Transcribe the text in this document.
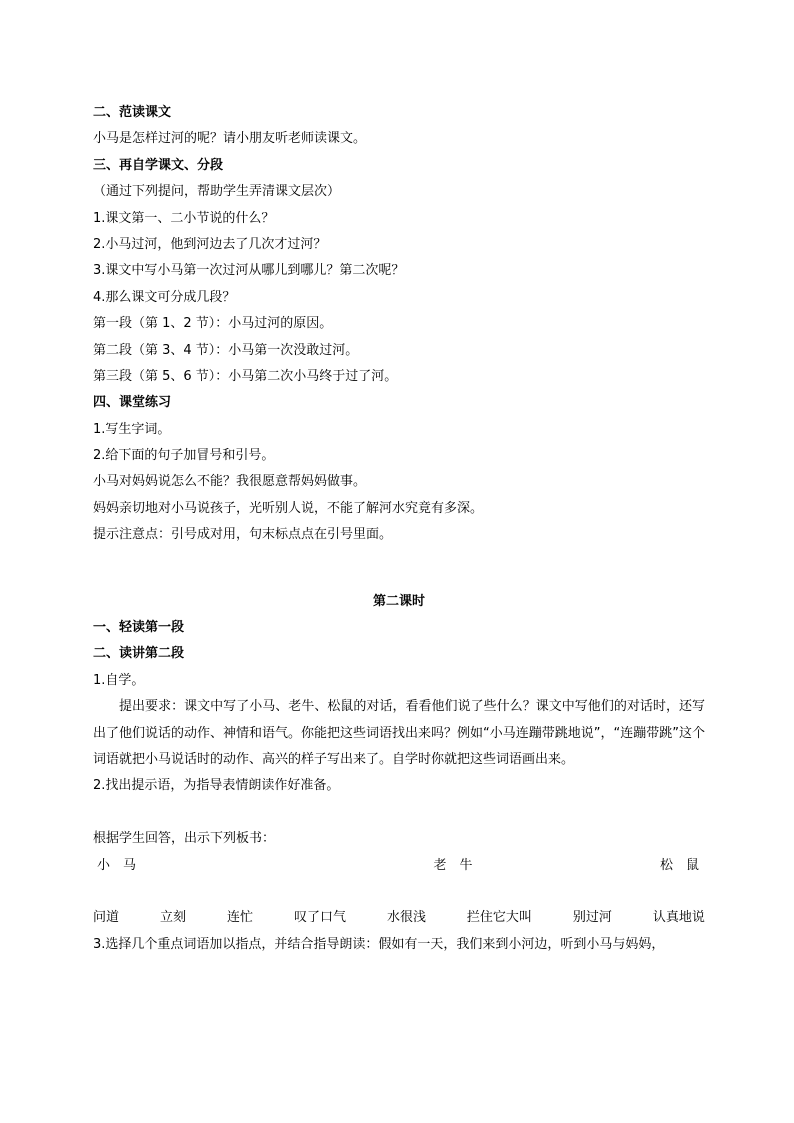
二、范读课文
小马是怎样过河的呢？请小朋友听老师读课文。
三、再自学课文、分段
（通过下列提问，帮助学生弄清课文层次）
1.课文第一、二小节说的什么？
2.小马过河，他到河边去了几次才过河？
3.课文中写小马第一次过河从哪儿到哪儿？第二次呢？
4.那么课文可分成几段？
第一段（第 1、2 节）：小马过河的原因。
第二段（第 3、4 节）：小马第一次没敢过河。
第三段（第 5、6 节）：小马第二次小马终于过了河。
四、课堂练习
1.写生字词。
2.给下面的句子加冒号和引号。
小马对妈妈说怎么不能？我很愿意帮妈妈做事。
妈妈亲切地对小马说孩子，光听别人说，不能了解河水究竟有多深。
提示注意点：引号成对用，句末标点点在引号里面。
第二课时
一、轻读第一段
二、读讲第二段
1.自学。
提出要求：课文中写了小马、老牛、松鼠的对话，看看他们说了些什么？课文中写他们的对话时，还写出了他们说话的动作、神情和语气。你能把这些词语找出来吗？例如“小马连蹦带跳地说”，“连蹦带跳”这个词语就把小马说话时的动作、高兴的样子写出来了。自学时你就把这些词语画出来。
2.找出提示语，为指导表情朗读作好准备。
根据学生回答，出示下列板书：
小　马	老　牛	松　鼠
问道	立刻	连忙	叹了口气	水很浅	拦住它大叫	别过河	认真地说
3.选择几个重点词语加以指点，并结合指导朗读：假如有一天，我们来到小河边，听到小马与妈妈，
